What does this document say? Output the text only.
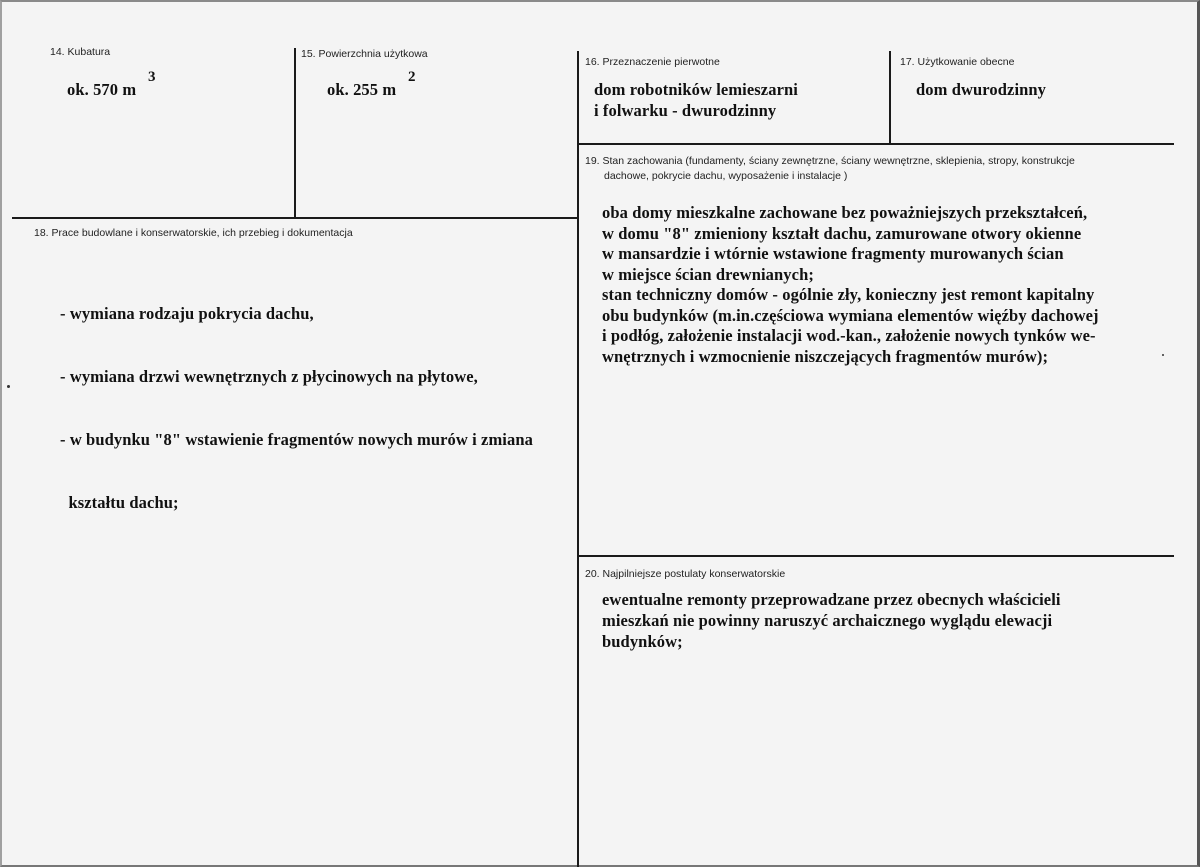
14. Kubatura
ok. 570 m
3
15. Powierzchnia użytkowa
ok. 255 m
2
16. Przeznaczenie pierwotne
dom robotników lemieszarni
i folwarku - dwurodzinny
17. Użytkowanie obecne
dom dwurodzinny
18. Prace budowlane i konserwatorskie, ich przebieg i dokumentacja

- wymiana rodzaju pokrycia dachu,

- wymiana drzwi wewnętrznych z płycinowych na płytowe,

- w budynku "8" wstawienie fragmentów nowych murów i zmiana

kształtu dachu;

19. Stan zachowania (fundamenty, ściany zewnętrzne, ściany wewnętrzne, sklepienia, stropy, konstrukcje
dachowe, pokrycie dachu, wyposażenie i instalacje )
oba domy mieszkalne zachowane bez poważniejszych przekształceń,
w domu "8" zmieniony kształt dachu, zamurowane otwory okienne
w mansardzie i wtórnie wstawione fragmenty murowanych ścian
w miejsce ścian drewnianych;
stan techniczny domów - ogólnie zły, konieczny jest remont kapitalny
obu budynków (m.in.częściowa wymiana elementów więźby dachowej
i podłóg, założenie instalacji wod.-kan., założenie nowych tynków we-
wnętrznych i wzmocnienie niszczejących fragmentów murów);
20. Najpilniejsze postulaty konserwatorskie
ewentualne remonty przeprowadzane przez obecnych właścicieli
mieszkań nie powinny naruszyć archaicznego wyglądu elewacji
budynków;
